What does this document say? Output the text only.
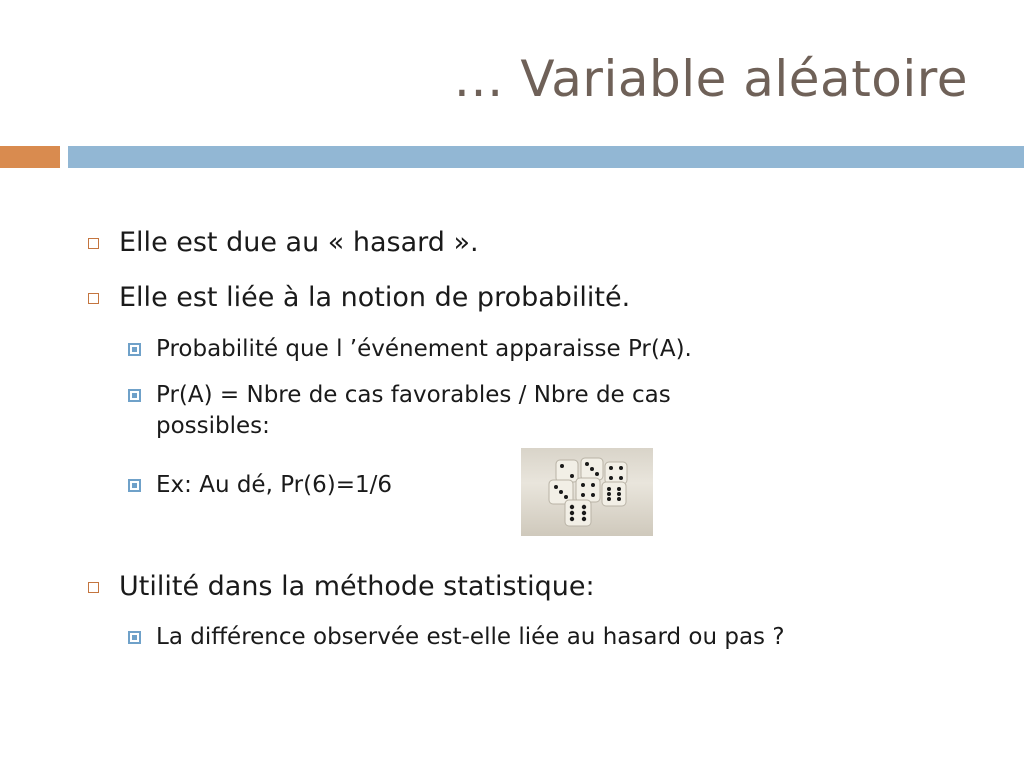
… Variable aléatoire
Elle est due au « hasard ».
Elle est liée à la notion de probabilité.
Probabilité que l ’événement apparaisse Pr(A).
Pr(A) = Nbre de cas favorables / Nbre de cas
possibles:
Ex: Au dé, Pr(6)=1/6
Utilité dans la méthode statistique:
La différence observée est-elle liée au hasard ou pas ?
